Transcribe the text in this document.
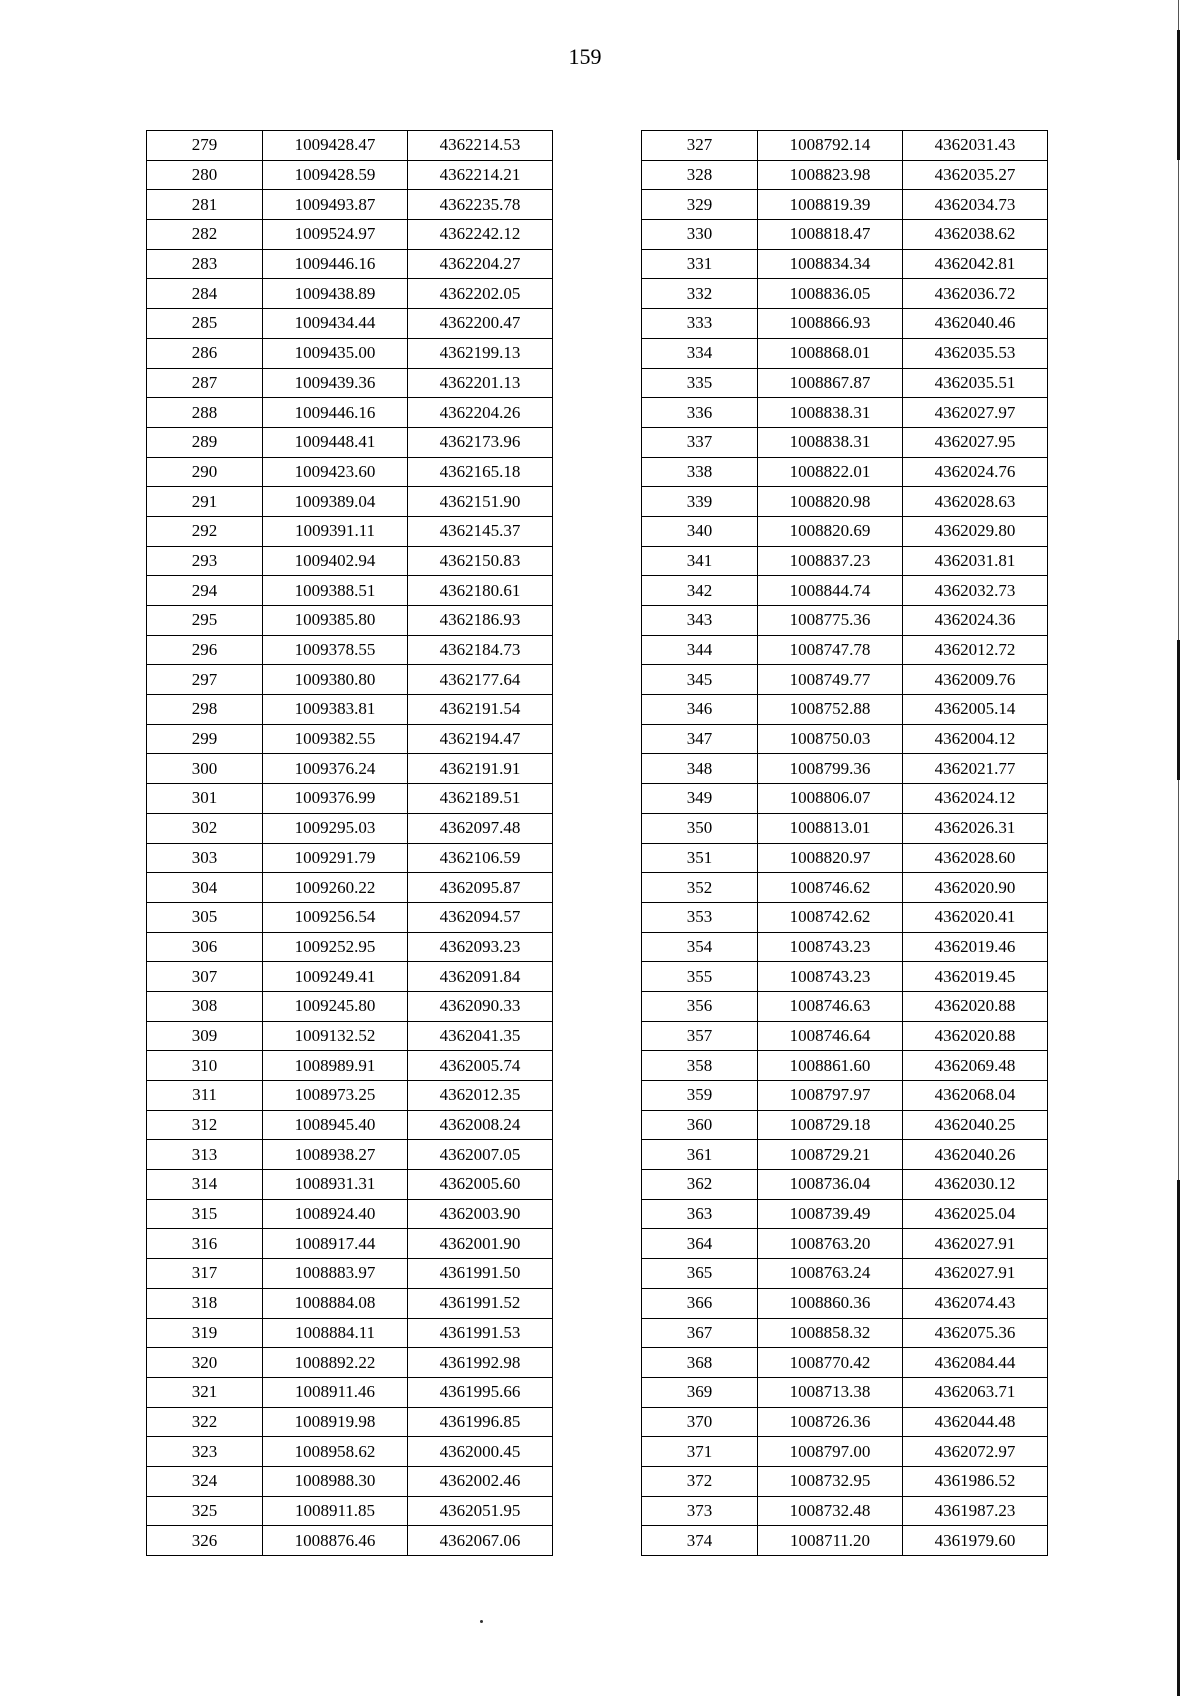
159
279	1009428.47	4362214.53
280	1009428.59	4362214.21
281	1009493.87	4362235.78
282	1009524.97	4362242.12
283	1009446.16	4362204.27
284	1009438.89	4362202.05
285	1009434.44	4362200.47
286	1009435.00	4362199.13
287	1009439.36	4362201.13
288	1009446.16	4362204.26
289	1009448.41	4362173.96
290	1009423.60	4362165.18
291	1009389.04	4362151.90
292	1009391.11	4362145.37
293	1009402.94	4362150.83
294	1009388.51	4362180.61
295	1009385.80	4362186.93
296	1009378.55	4362184.73
297	1009380.80	4362177.64
298	1009383.81	4362191.54
299	1009382.55	4362194.47
300	1009376.24	4362191.91
301	1009376.99	4362189.51
302	1009295.03	4362097.48
303	1009291.79	4362106.59
304	1009260.22	4362095.87
305	1009256.54	4362094.57
306	1009252.95	4362093.23
307	1009249.41	4362091.84
308	1009245.80	4362090.33
309	1009132.52	4362041.35
310	1008989.91	4362005.74
311	1008973.25	4362012.35
312	1008945.40	4362008.24
313	1008938.27	4362007.05
314	1008931.31	4362005.60
315	1008924.40	4362003.90
316	1008917.44	4362001.90
317	1008883.97	4361991.50
318	1008884.08	4361991.52
319	1008884.11	4361991.53
320	1008892.22	4361992.98
321	1008911.46	4361995.66
322	1008919.98	4361996.85
323	1008958.62	4362000.45
324	1008988.30	4362002.46
325	1008911.85	4362051.95
326	1008876.46	4362067.06
327	1008792.14	4362031.43
328	1008823.98	4362035.27
329	1008819.39	4362034.73
330	1008818.47	4362038.62
331	1008834.34	4362042.81
332	1008836.05	4362036.72
333	1008866.93	4362040.46
334	1008868.01	4362035.53
335	1008867.87	4362035.51
336	1008838.31	4362027.97
337	1008838.31	4362027.95
338	1008822.01	4362024.76
339	1008820.98	4362028.63
340	1008820.69	4362029.80
341	1008837.23	4362031.81
342	1008844.74	4362032.73
343	1008775.36	4362024.36
344	1008747.78	4362012.72
345	1008749.77	4362009.76
346	1008752.88	4362005.14
347	1008750.03	4362004.12
348	1008799.36	4362021.77
349	1008806.07	4362024.12
350	1008813.01	4362026.31
351	1008820.97	4362028.60
352	1008746.62	4362020.90
353	1008742.62	4362020.41
354	1008743.23	4362019.46
355	1008743.23	4362019.45
356	1008746.63	4362020.88
357	1008746.64	4362020.88
358	1008861.60	4362069.48
359	1008797.97	4362068.04
360	1008729.18	4362040.25
361	1008729.21	4362040.26
362	1008736.04	4362030.12
363	1008739.49	4362025.04
364	1008763.20	4362027.91
365	1008763.24	4362027.91
366	1008860.36	4362074.43
367	1008858.32	4362075.36
368	1008770.42	4362084.44
369	1008713.38	4362063.71
370	1008726.36	4362044.48
371	1008797.00	4362072.97
372	1008732.95	4361986.52
373	1008732.48	4361987.23
374	1008711.20	4361979.60
